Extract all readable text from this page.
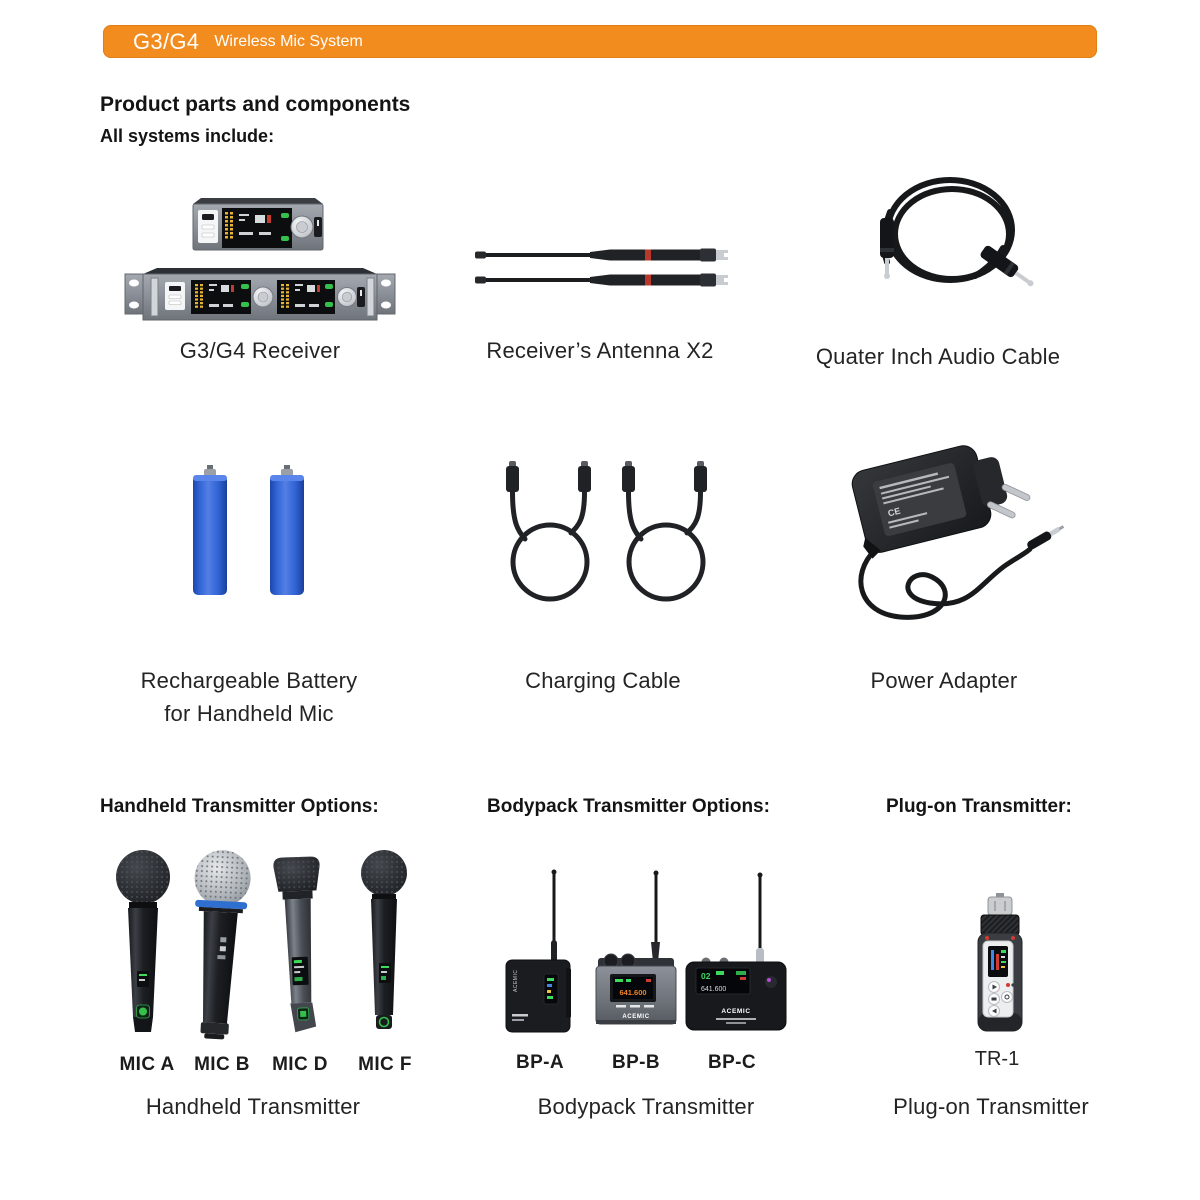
G3/G4 Wireless Mic System
Product parts and components
All systems include:
G3/G4 Receiver	Receiver’s Antenna X2	Quater Inch Audio Cable
Rechargeable Battery
for Handheld Mic
Charging Cable
CE
Power Adapter
Handheld Transmitter Options:	Bodypack Transmitter Options:	Plug-on Transmitter:
MIC A	MIC B	MIC D	MIC F
Handheld Transmitter
ACEMIC
641.600
ACEMIC
02
641.600
ACEMIC
BP-A	BP-B	BP-C
Bodypack Transmitter
TR-1
Plug-on Transmitter
